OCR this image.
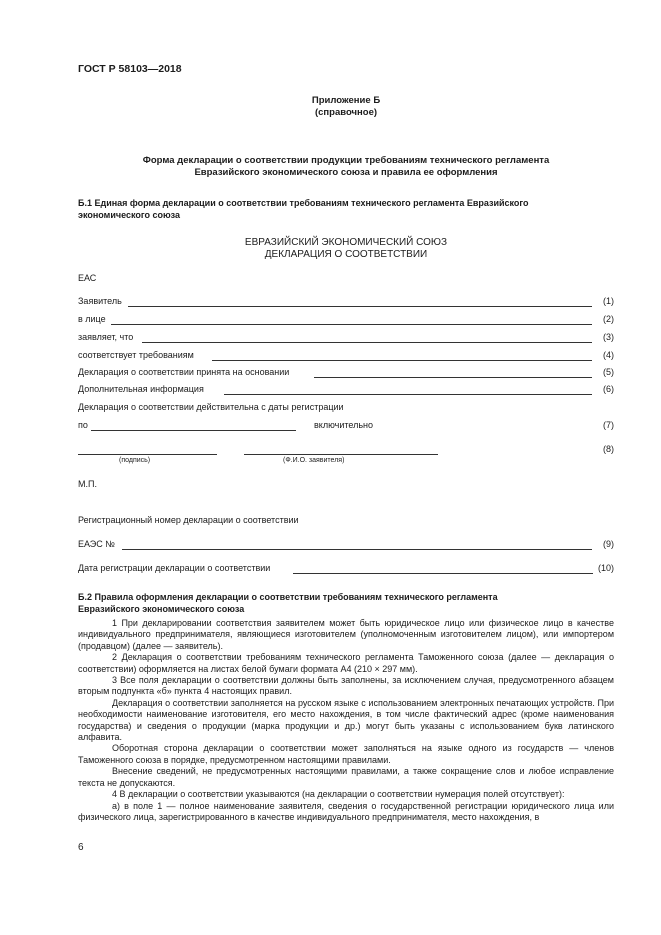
ГОСТ Р 58103—2018
Приложение Б
(справочное)
Форма декларации о соответствии продукции требованиям технического регламента
Евразийского экономического союза и правила ее оформления
Б.1 Единая форма декларации о соответствии требованиям технического регламента Евразийского
экономического союза
ЕВРАЗИЙСКИЙ ЭКОНОМИЧЕСКИЙ СОЮЗ
ДЕКЛАРАЦИЯ О СООТВЕТСТВИИ
ЕАС
Заявитель	(1)
в лице	(2)
заявляет, что	(3)
соответствует требованиям	(4)
Декларация о соответствии принята на основании	(5)
Дополнительная информация	(6)
Декларация о соответствии действительна с даты регистрации
по	включительно	(7)
(8)
(подпись)	(Ф.И.О. заявителя)
М.П.
Регистрационный номер декларации о соответствии
ЕАЭС №	(9)
Дата регистрации декларации о соответствии	(10)
Б.2 Правила оформления декларации о соответствии требованиям технического регламента
Евразийского экономического союза

1 При декларировании соответствия заявителем может быть юридическое лицо или физическое лицо в качестве индивидуального предпринимателя, являющиеся изготовителем (уполномоченным изготовителем лицом), или импортером (продавцом) (далее — заявитель).

2 Декларация о соответствии требованиям технического регламента Таможенного союза (далее — декларация о соответствии) оформляется на листах белой бумаги формата А4 (210 × 297 мм).

3 Все поля декларации о соответствии должны быть заполнены, за исключением случая, предусмотренного абзацем вторым подпункта «б» пункта 4 настоящих правил.

Декларация о соответствии заполняется на русском языке с использованием электронных печатающих устройств. При необходимости наименование изготовителя, его место нахождения, в том числе фактический адрес (кроме наименования государства) и сведения о продукции (марка продукции и др.) могут быть указаны с использованием букв латинского алфавита.

Оборотная сторона декларации о соответствии может заполняться на языке одного из государств — членов Таможенного союза в порядке, предусмотренном настоящими правилами.

Внесение сведений, не предусмотренных настоящими правилами, а также сокращение слов и любое исправление текста не допускаются.

4 В декларации о соответствии указываются (на декларации о соответствии нумерация полей отсутствует):

а) в поле 1 — полное наименование заявителя, сведения о государственной регистрации юридического лица или физического лица, зарегистрированного в качестве индивидуального предпринимателя, место нахождения, в

6
